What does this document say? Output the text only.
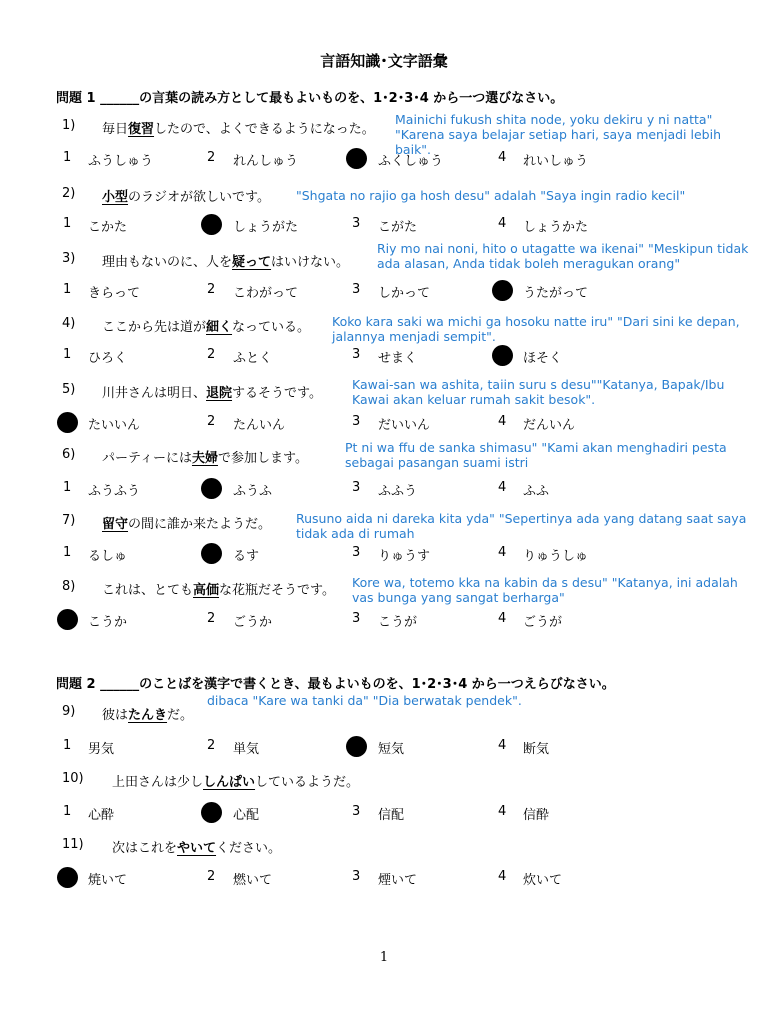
言語知識･文字語彙
問題 1 ______の言葉の読み方として最もよいものを、1･2･3･4 から一つ選びなさい。
問題 2 ______のことばを漢字で書くとき、最もよいものを、1･2･3･4 から一つえらびなさい。
1) 毎日復習したので、よくできるようになった。
Mainichi fukush shita node, yoku dekiru y ni natta" "Karena saya belajar setiap hari, saya menjadi lebih baik".
1 ふうしゅう	2 れんしゅう	ふくしゅう	4 れいしゅう
2) 小型のラジオが欲しいです。 "Shgata no rajio ga hosh desu" adalah "Saya ingin radio kecil"
1 こかた	しょうがた	3 こがた	4 しょうかた
3) 理由もないのに、人を疑ってはいけない。
Riy mo nai noni, hito o utagatte wa ikenai" "Meskipun tidak ada alasan, Anda tidak boleh meragukan orang"
1 きらって	2 こわがって	3 しかって	うたがって
4) ここから先は道が細くなっている。 Koko kara saki wa michi ga hosoku natte iru" "Dari sini ke depan, jalannya menjadi sempit".
1 ひろく	2 ふとく	3 せまく	ほそく
5) 川井さんは明日、退院するそうです。
Kawai-san wa ashita, taiin suru s desu""Katanya, Bapak/Ibu Kawai akan keluar rumah sakit besok".
たいいん	2 たんいん	3 だいいん	4 だんいん
6) パーティーには夫婦で参加します。
Pt ni wa ffu de sanka shimasu" "Kami akan menghadiri pesta sebagai pasangan suami istri
1 ふうふう	ふうふ	3 ふふう	4 ふふ
7) 留守の間に誰か来たようだ。 Rusuno aida ni dareka kita yda" "Sepertinya ada yang datang saat saya tidak ada di rumah
1 るしゅ	るす	3 りゅうす	4 りゅうしゅ
8) これは、とても高価な花瓶だそうです。
Kore wa, totemo kka na kabin da s desu" "Katanya, ini adalah vas bunga yang sangat berharga"
こうか	2 ごうか	3 こうが	4 ごうが
9) 彼はたんきだ。
dibaca "Kare wa tanki da" "Dia berwatak pendek".
1 男気	2 単気	短気	4 断気
10) 上田さんは少ししんぱいしているようだ。
1 心酔	心配	3 信配	4 信酔
11) 次はこれをやいてください。
焼いて	2 燃いて	3 煙いて	4 炊いて
1
